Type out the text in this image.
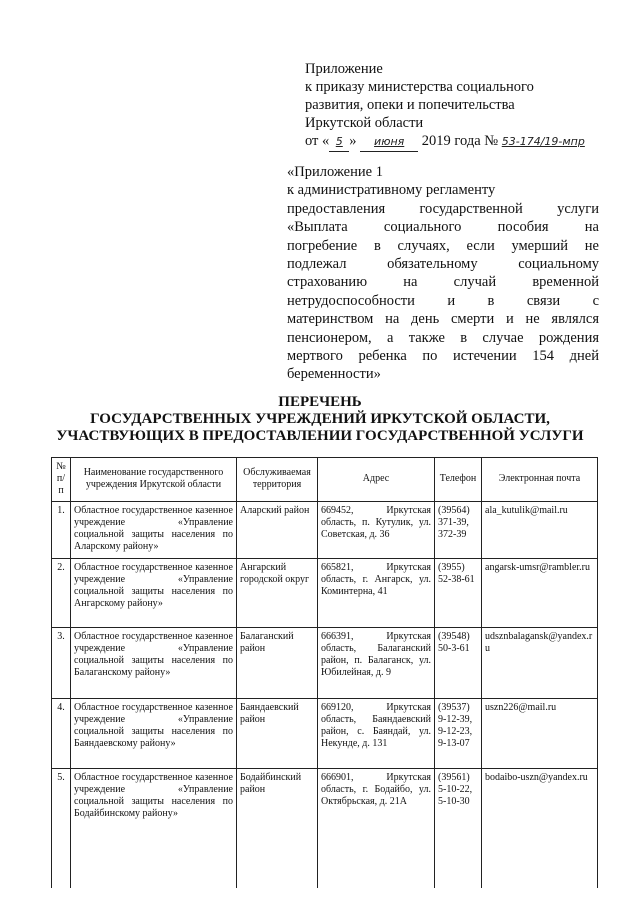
Приложение
к приказу министерства социального
развития, опеки и попечительства
Иркутской области
от « 5 » июня 2019 года № 53-174/19-мпр
«Приложение 1
к административному регламенту
предоставления государственной услуги
«Выплата социального пособия на
погребение в случаях, если умерший не
подлежал обязательному социальному
страхованию на случай временной
нетрудоспособности и в связи с
материнством на день смерти и не являлся
пенсионером, а также в случае рождения
мертвого ребенка по истечении 154 дней
беременности»
ПЕРЕЧЕНЬ
ГОСУДАРСТВЕННЫХ УЧРЕЖДЕНИЙ ИРКУТСКОЙ ОБЛАСТИ,
УЧАСТВУЮЩИХ В ПРЕДОСТАВЛЕНИИ ГОСУДАРСТВЕННОЙ УСЛУГИ
№ п/п	Наименование государственного учреждения Иркутской области	Обслуживаемая территория	Адрес	Телефон	Электронная почта
1.	Областное государственное казенное учреждение «Управление социальной защиты населения по Аларскому району»	Аларский район	669452, Иркутская область, п. Кутулик, ул. Советская, д. 36	(39564) 371-39, 372-39	ala_kutulik@mail.ru
2.	Областное государственное казенное учреждение «Управление социальной защиты населения по Ангарскому району»	Ангарский городской округ	665821, Иркутская область, г. Ангарск, ул. Коминтерна, 41	(3955) 52-38-61	angarsk-umsr@rambler.ru
3.	Областное государственное казенное учреждение «Управление социальной защиты населения по Балаганскому району»	Балаганский район	666391, Иркутская область, Балаганский район, п. Балаганск, ул. Юбилейная, д. 9	(39548) 50-3-61	udsznbalagansk@yandex.ru
4.	Областное государственное казенное учреждение «Управление социальной защиты населения по Баяндаевскому району»	Баяндаевский район	669120, Иркутская область, Баяндаевский район, с. Баяндай, ул. Некунде, д. 131	(39537) 9-12-39, 9-12-23, 9-13-07	uszn226@mail.ru
5.	Областное государственное казенное учреждение «Управление социальной защиты населения по Бодайбинскому району»	Бодайбинский район	666901, Иркутская область, г. Бодайбо, ул. Октябрьская, д. 21А	(39561) 5-10-22, 5-10-30	bodaibo-uszn@yandex.ru
